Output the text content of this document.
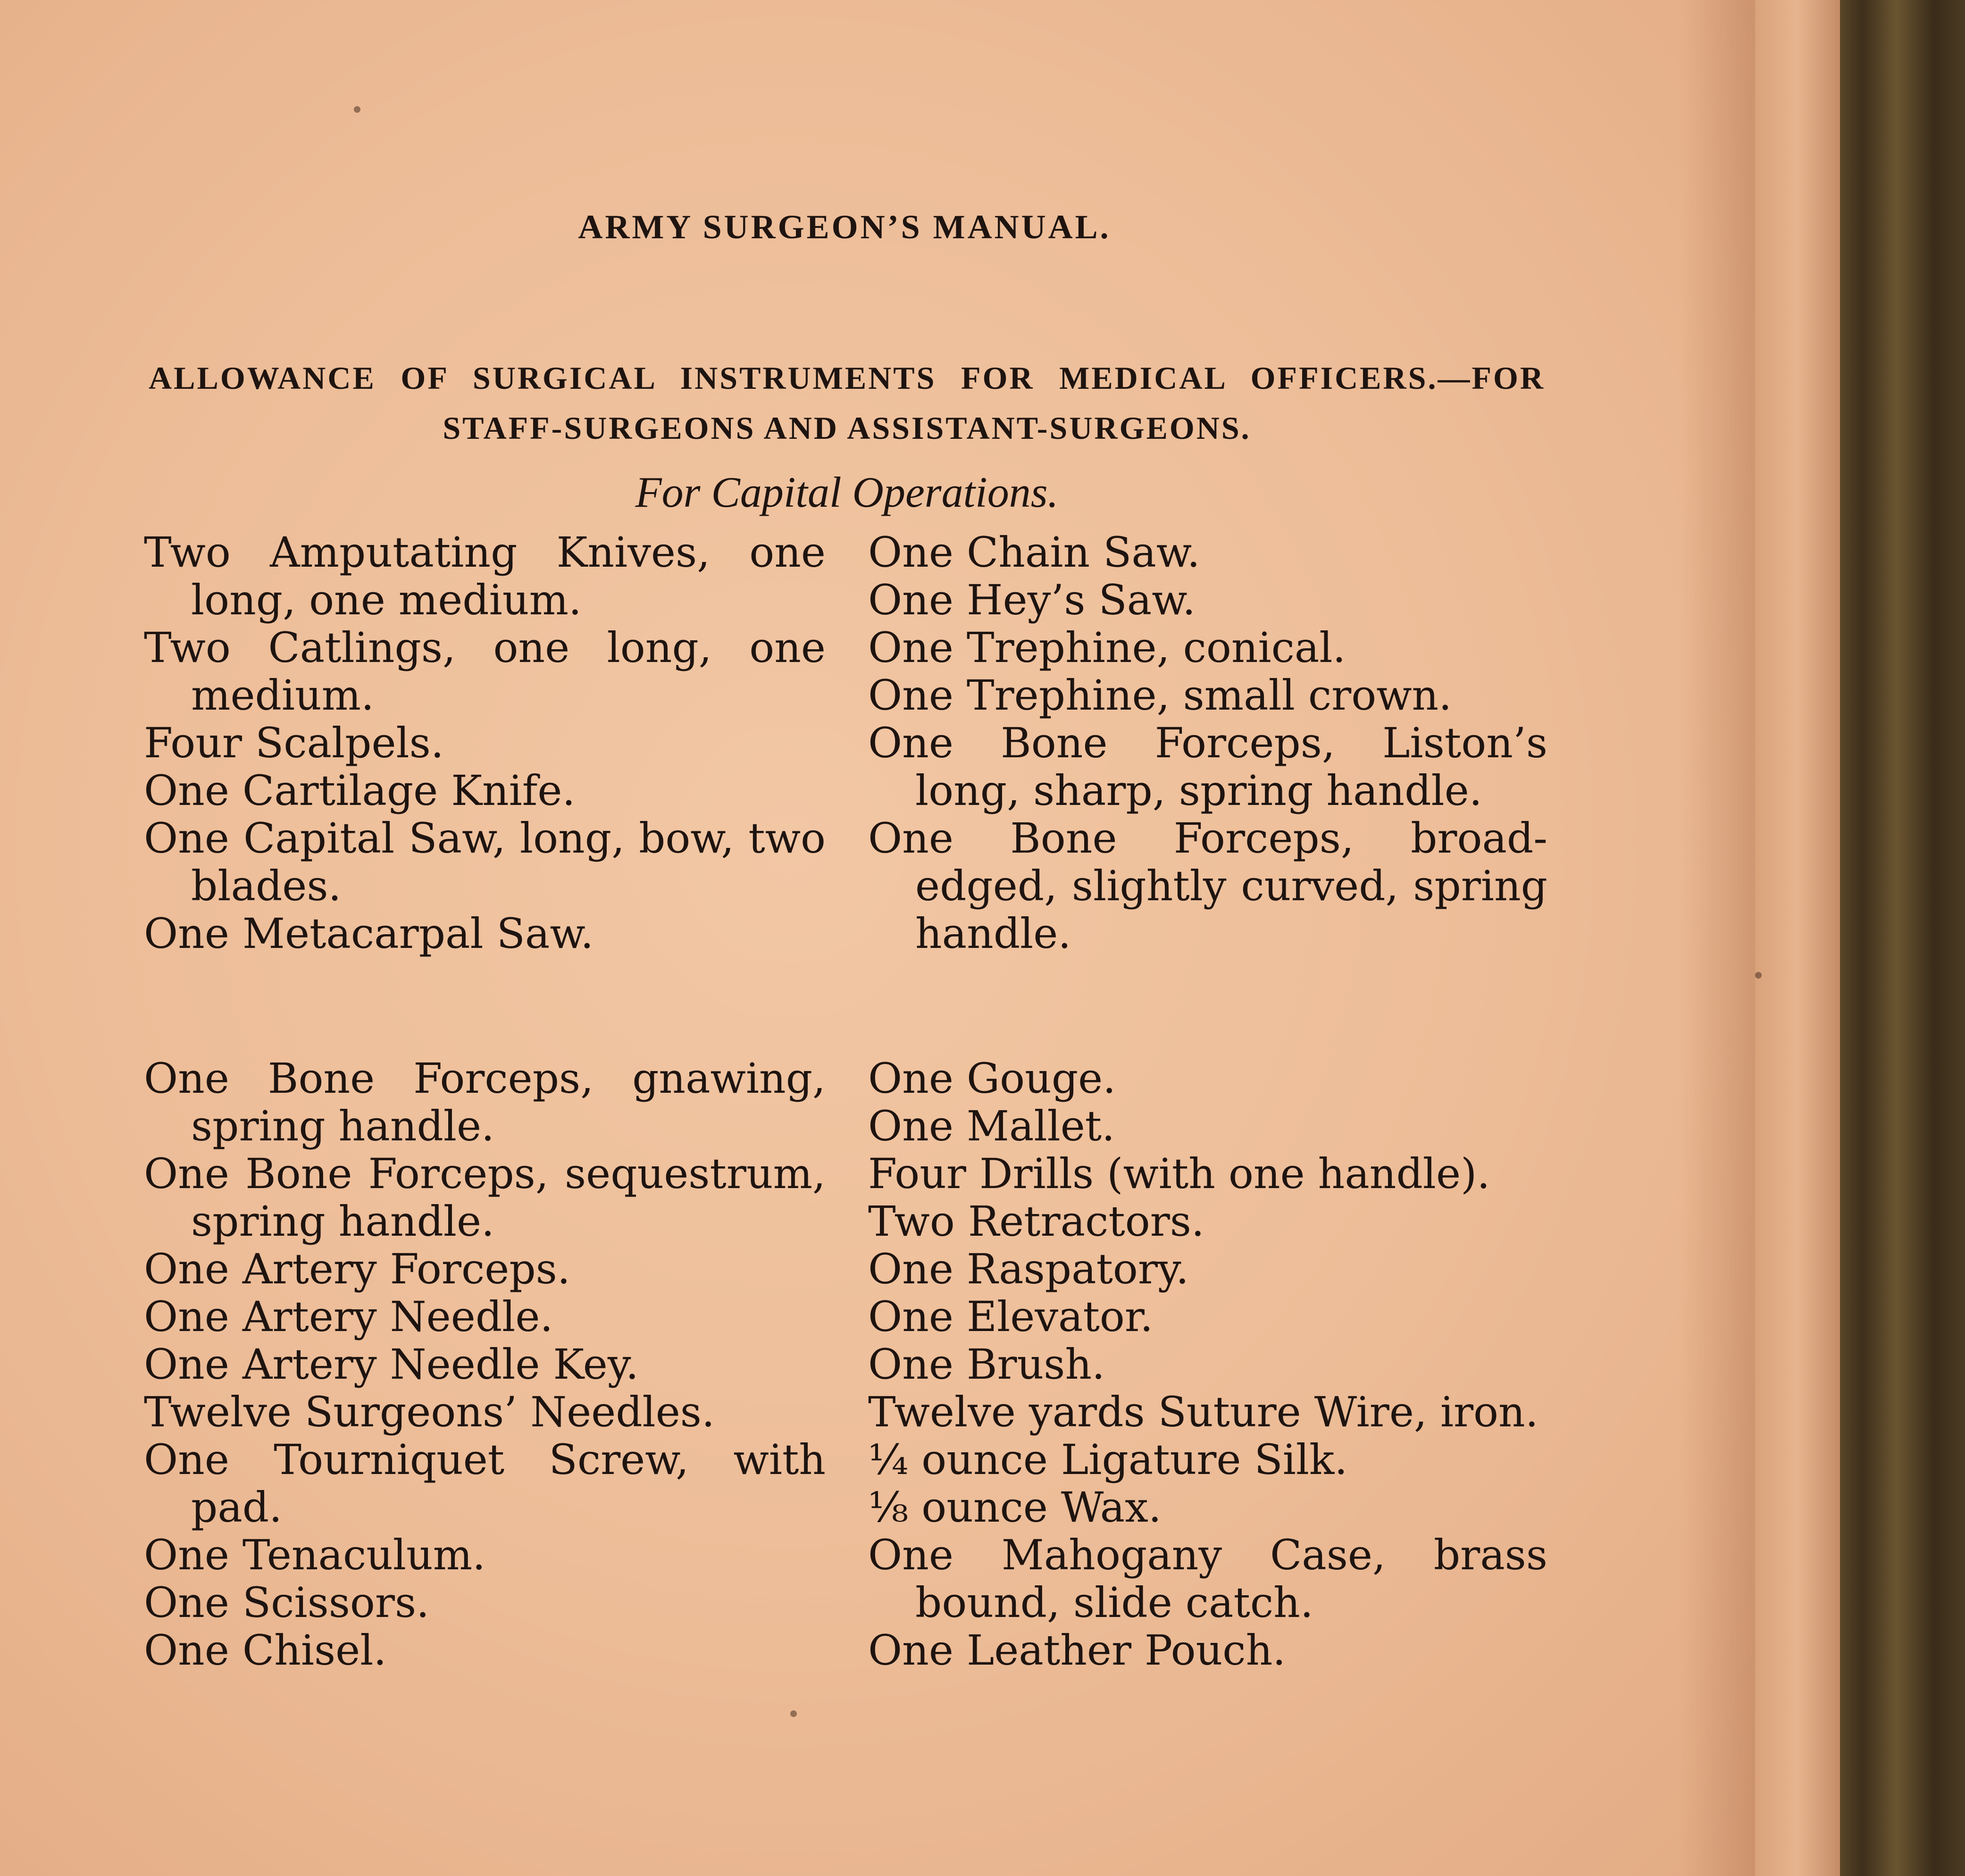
ARMY SURGEON’S MANUAL.
ALLOWANCE OF SURGICAL INSTRUMENTS FOR MEDICAL OFFICERS.—FOR
STAFF-SURGEONS AND ASSISTANT-SURGEONS.
For Capital Operations.

Two Amputating Knives, one long, one medium.

Two Catlings, one long, one medium.

Four Scalpels.

One Cartilage Knife.

One Capital Saw, long, bow, two blades.

One Metacarpal Saw.

One Chain Saw.

One Hey’s Saw.

One Trephine, conical.

One Trephine, small crown.

One Bone Forceps, Liston’s long, sharp, spring handle.

One Bone Forceps, broad-edged, slightly curved, spring handle.

One Bone Forceps, gnawing, spring handle.

One Bone Forceps, sequestrum, spring handle.

One Artery Forceps.

One Artery Needle.

One Artery Needle Key.

Twelve Surgeons’ Needles.

One Tourniquet Screw, with pad.

One Tenaculum.

One Scissors.

One Chisel.

One Gouge.

One Mallet.

Four Drills (with one handle).

Two Retractors.

One Raspatory.

One Elevator.

One Brush.

Twelve yards Suture Wire, iron.

¼ ounce Ligature Silk.

⅛ ounce Wax.

One Mahogany Case, brass bound, slide catch.

One Leather Pouch.
